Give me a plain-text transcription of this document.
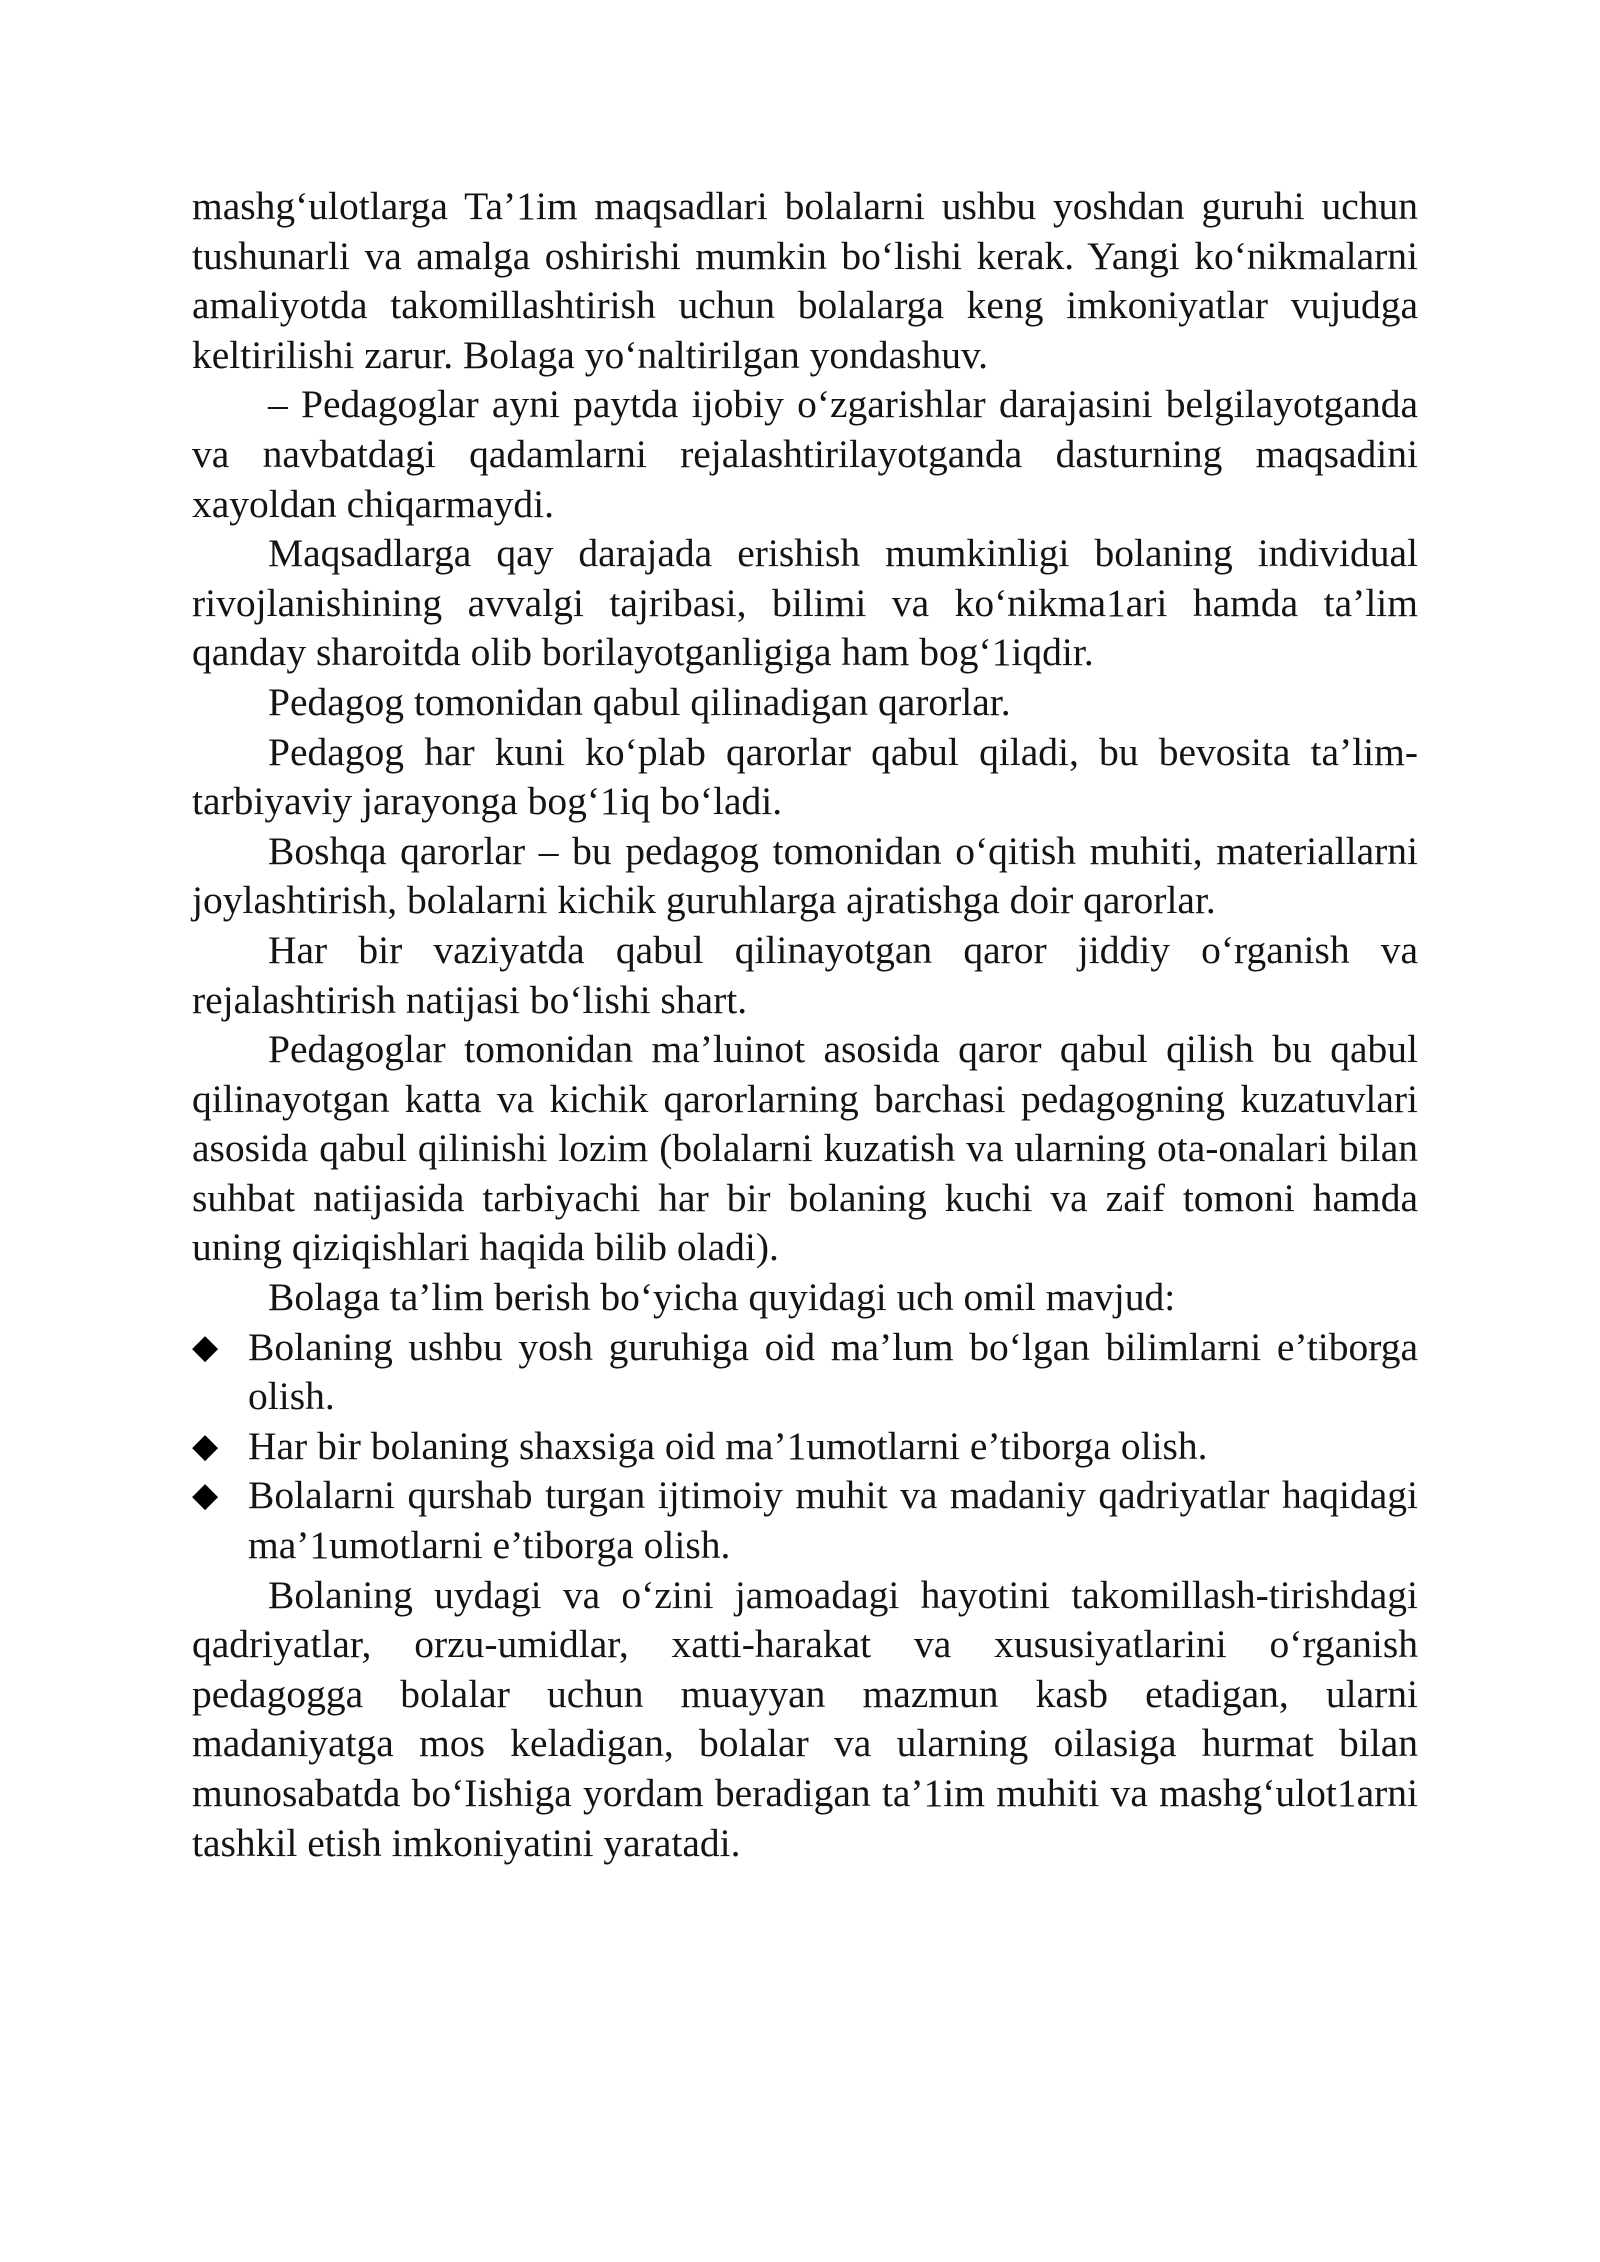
mashg‘ulotlarga Ta’1im maqsadlari bolalarni ushbu yoshdan guruhi uchun tushunarli va amalga oshirishi mumkin bo‘lishi kerak. Yangi ko‘nikmalarni amaliyotda takomillashtirish uchun bolalarga keng imkoniyatlar vujudga keltirilishi zarur. Bolaga yo‘naltirilgan yondashuv.

– Pedagoglar ayni paytda ijobiy o‘zgarishlar darajasini belgilayotganda va navbatdagi qadamlarni rejalashtirilayotganda dasturning maqsadini xayoldan chiqarmaydi.

Maqsadlarga qay darajada erishish mumkinligi bolaning individual rivojlanishining avvalgi tajribasi, bilimi va ko‘nikma1ari hamda ta’lim qanday sharoitda olib borilayotganligiga ham bog‘1iqdir.

Pedagog tomonidan qabul qilinadigan qarorlar.

Pedagog har kuni ko‘plab qarorlar qabul qiladi, bu bevosita ta’lim-tarbiyaviy jarayonga bog‘1iq bo‘ladi.

Boshqa qarorlar – bu pedagog tomonidan o‘qitish muhiti, materiallarni joylashtirish, bolalarni kichik guruhlarga ajratishga doir qarorlar.

Har bir vaziyatda qabul qilinayotgan qaror jiddiy o‘rganish va rejalashtirish natijasi bo‘lishi shart.

Pedagoglar tomonidan ma’luinot asosida qaror qabul qilish bu qabul qilinayotgan katta va kichik qarorlarning barchasi pedagogning kuzatuvlari asosida qabul qilinishi lozim (bolalarni kuzatish va ularning ota-onalari bilan suhbat natijasida tarbiyachi har bir bolaning kuchi va zaif tomoni hamda uning qiziqishlari haqida bilib oladi).

Bolaga ta’lim berish bo‘yicha quyidagi uch omil mavjud:

◆ Bolaning ushbu yosh guruhiga oid ma’lum bo‘lgan bilimlarni e’tiborga olish.
◆ Har bir bolaning shaxsiga oid ma’1umotlarni e’tiborga olish.
◆ Bolalarni qurshab turgan ijtimoiy muhit va madaniy qadriyatlar haqidagi ma’1umotlarni e’tiborga olish.

Bolaning uydagi va o‘zini jamoadagi hayotini takomillash-tirishdagi qadriyatlar, orzu-umidlar, xatti-harakat va xususiyatlarini o‘rganish pedagogga bolalar uchun muayyan mazmun kasb etadigan, ularni madaniyatga mos keladigan, bolalar va ularning oilasiga hurmat bilan munosabatda bo‘Iishiga yordam beradigan ta’1im muhiti va mashg‘ulot1arni tashkil etish imkoniyatini yaratadi.
